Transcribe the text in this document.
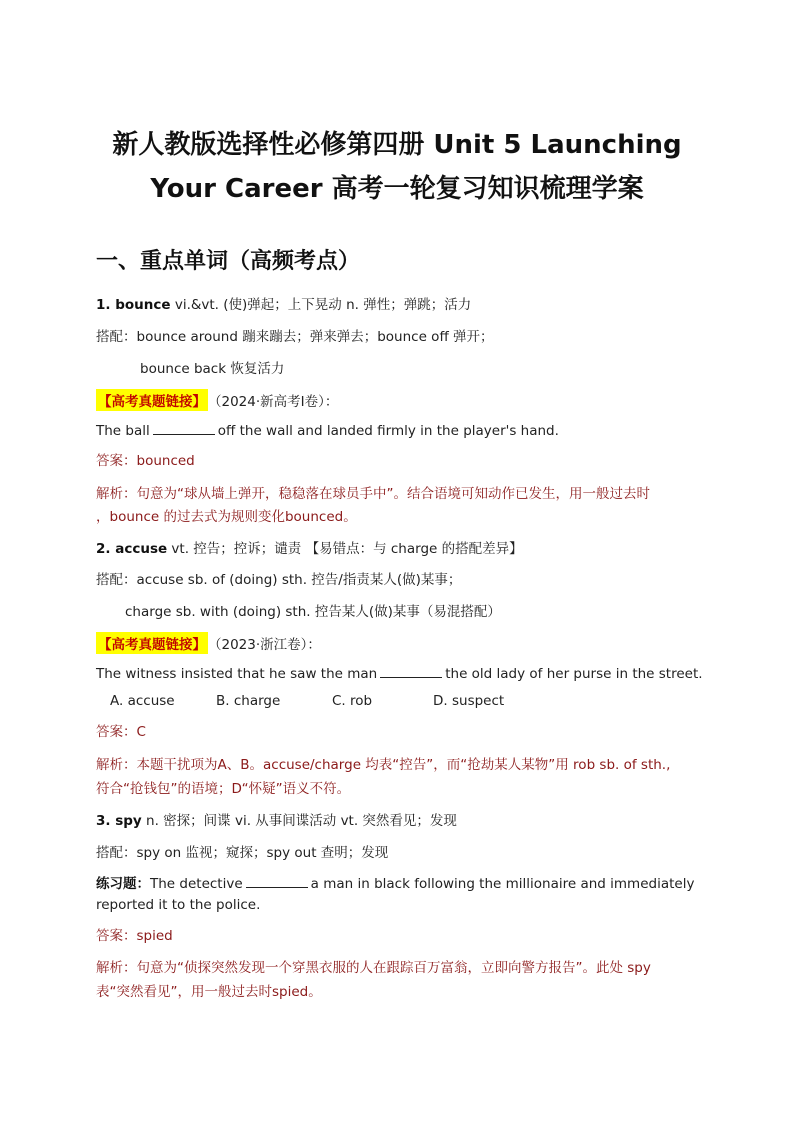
新人教版选择性必修第四册 Unit 5 Launching
Your Career 高考一轮复习知识梳理学案
一、重点单词（高频考点）
1. bounce vi.&vt. (使)弹起；上下晃动 n. 弹性；弹跳；活力
搭配：bounce around 蹦来蹦去；弹来弹去；bounce off 弹开；
bounce back 恢复活力
【高考真题链接】 （2024·新高考Ⅰ卷）：
The ball	off the wall and landed firmly in the player's hand.
答案：bounced
解析：句意为“球从墙上弹开，稳稳落在球员手中”。结合语境可知动作已发生，用一般过去时
，bounce 的过去式为规则变化bounced。
2. accuse vt. 控告；控诉；谴责 【易错点：与 charge 的搭配差异】
搭配：accuse sb. of (doing) sth. 控告/指责某人(做)某事；
charge sb. with (doing) sth. 控告某人(做)某事（易混搭配）
【高考真题链接】 （2023·浙江卷）：
The witness insisted that he saw the man	the old lady of her purse in the street.
A. accuse	B. charge	C. rob	D. suspect
答案：C
解析：本题干扰项为A、B。accuse/charge 均表“控告”，而“抢劫某人某物”用 rob sb. of sth.,
符合“抢钱包”的语境；D“怀疑”语义不符。
3. spy n. 密探；间谍 vi. 从事间谍活动 vt. 突然看见；发现
搭配：spy on 监视；窥探；spy out 查明；发现
练习题：The detective	a man in black following the millionaire and immediately
reported it to the police.
答案：spied
解析：句意为“侦探突然发现一个穿黑衣服的人在跟踪百万富翁，立即向警方报告”。此处 spy
表“突然看见”，用一般过去时spied。
